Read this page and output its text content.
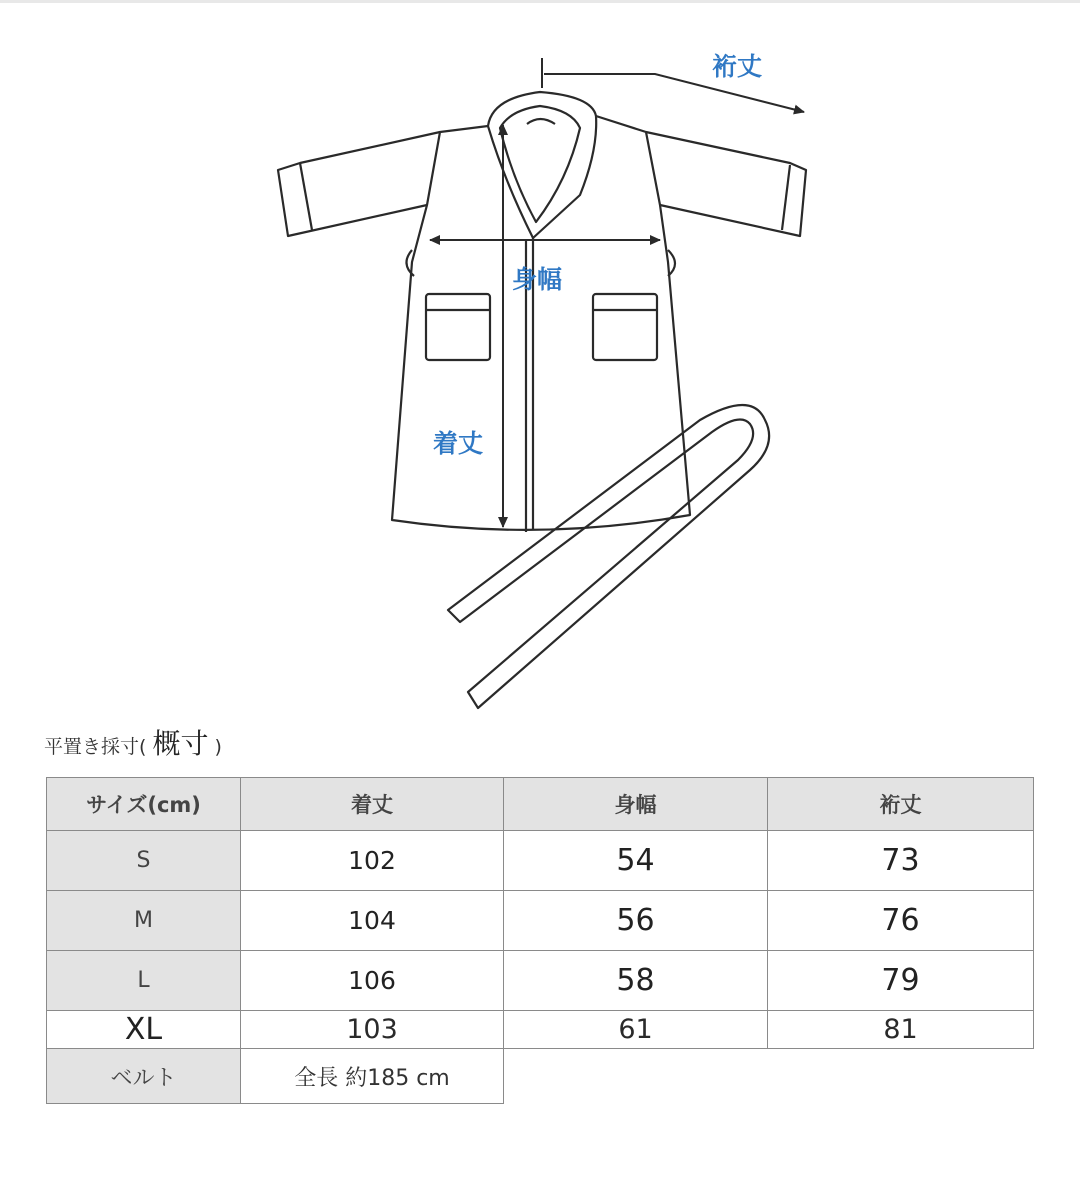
裄丈
身幅
着丈
平置き採寸( 概寸 )
サイズ(cm)	着丈	身幅	裄丈
S	102	54	73
M	104	56	76
L	106	58	79
XL	103	61	81
ベルト	全長 約185 cm		
